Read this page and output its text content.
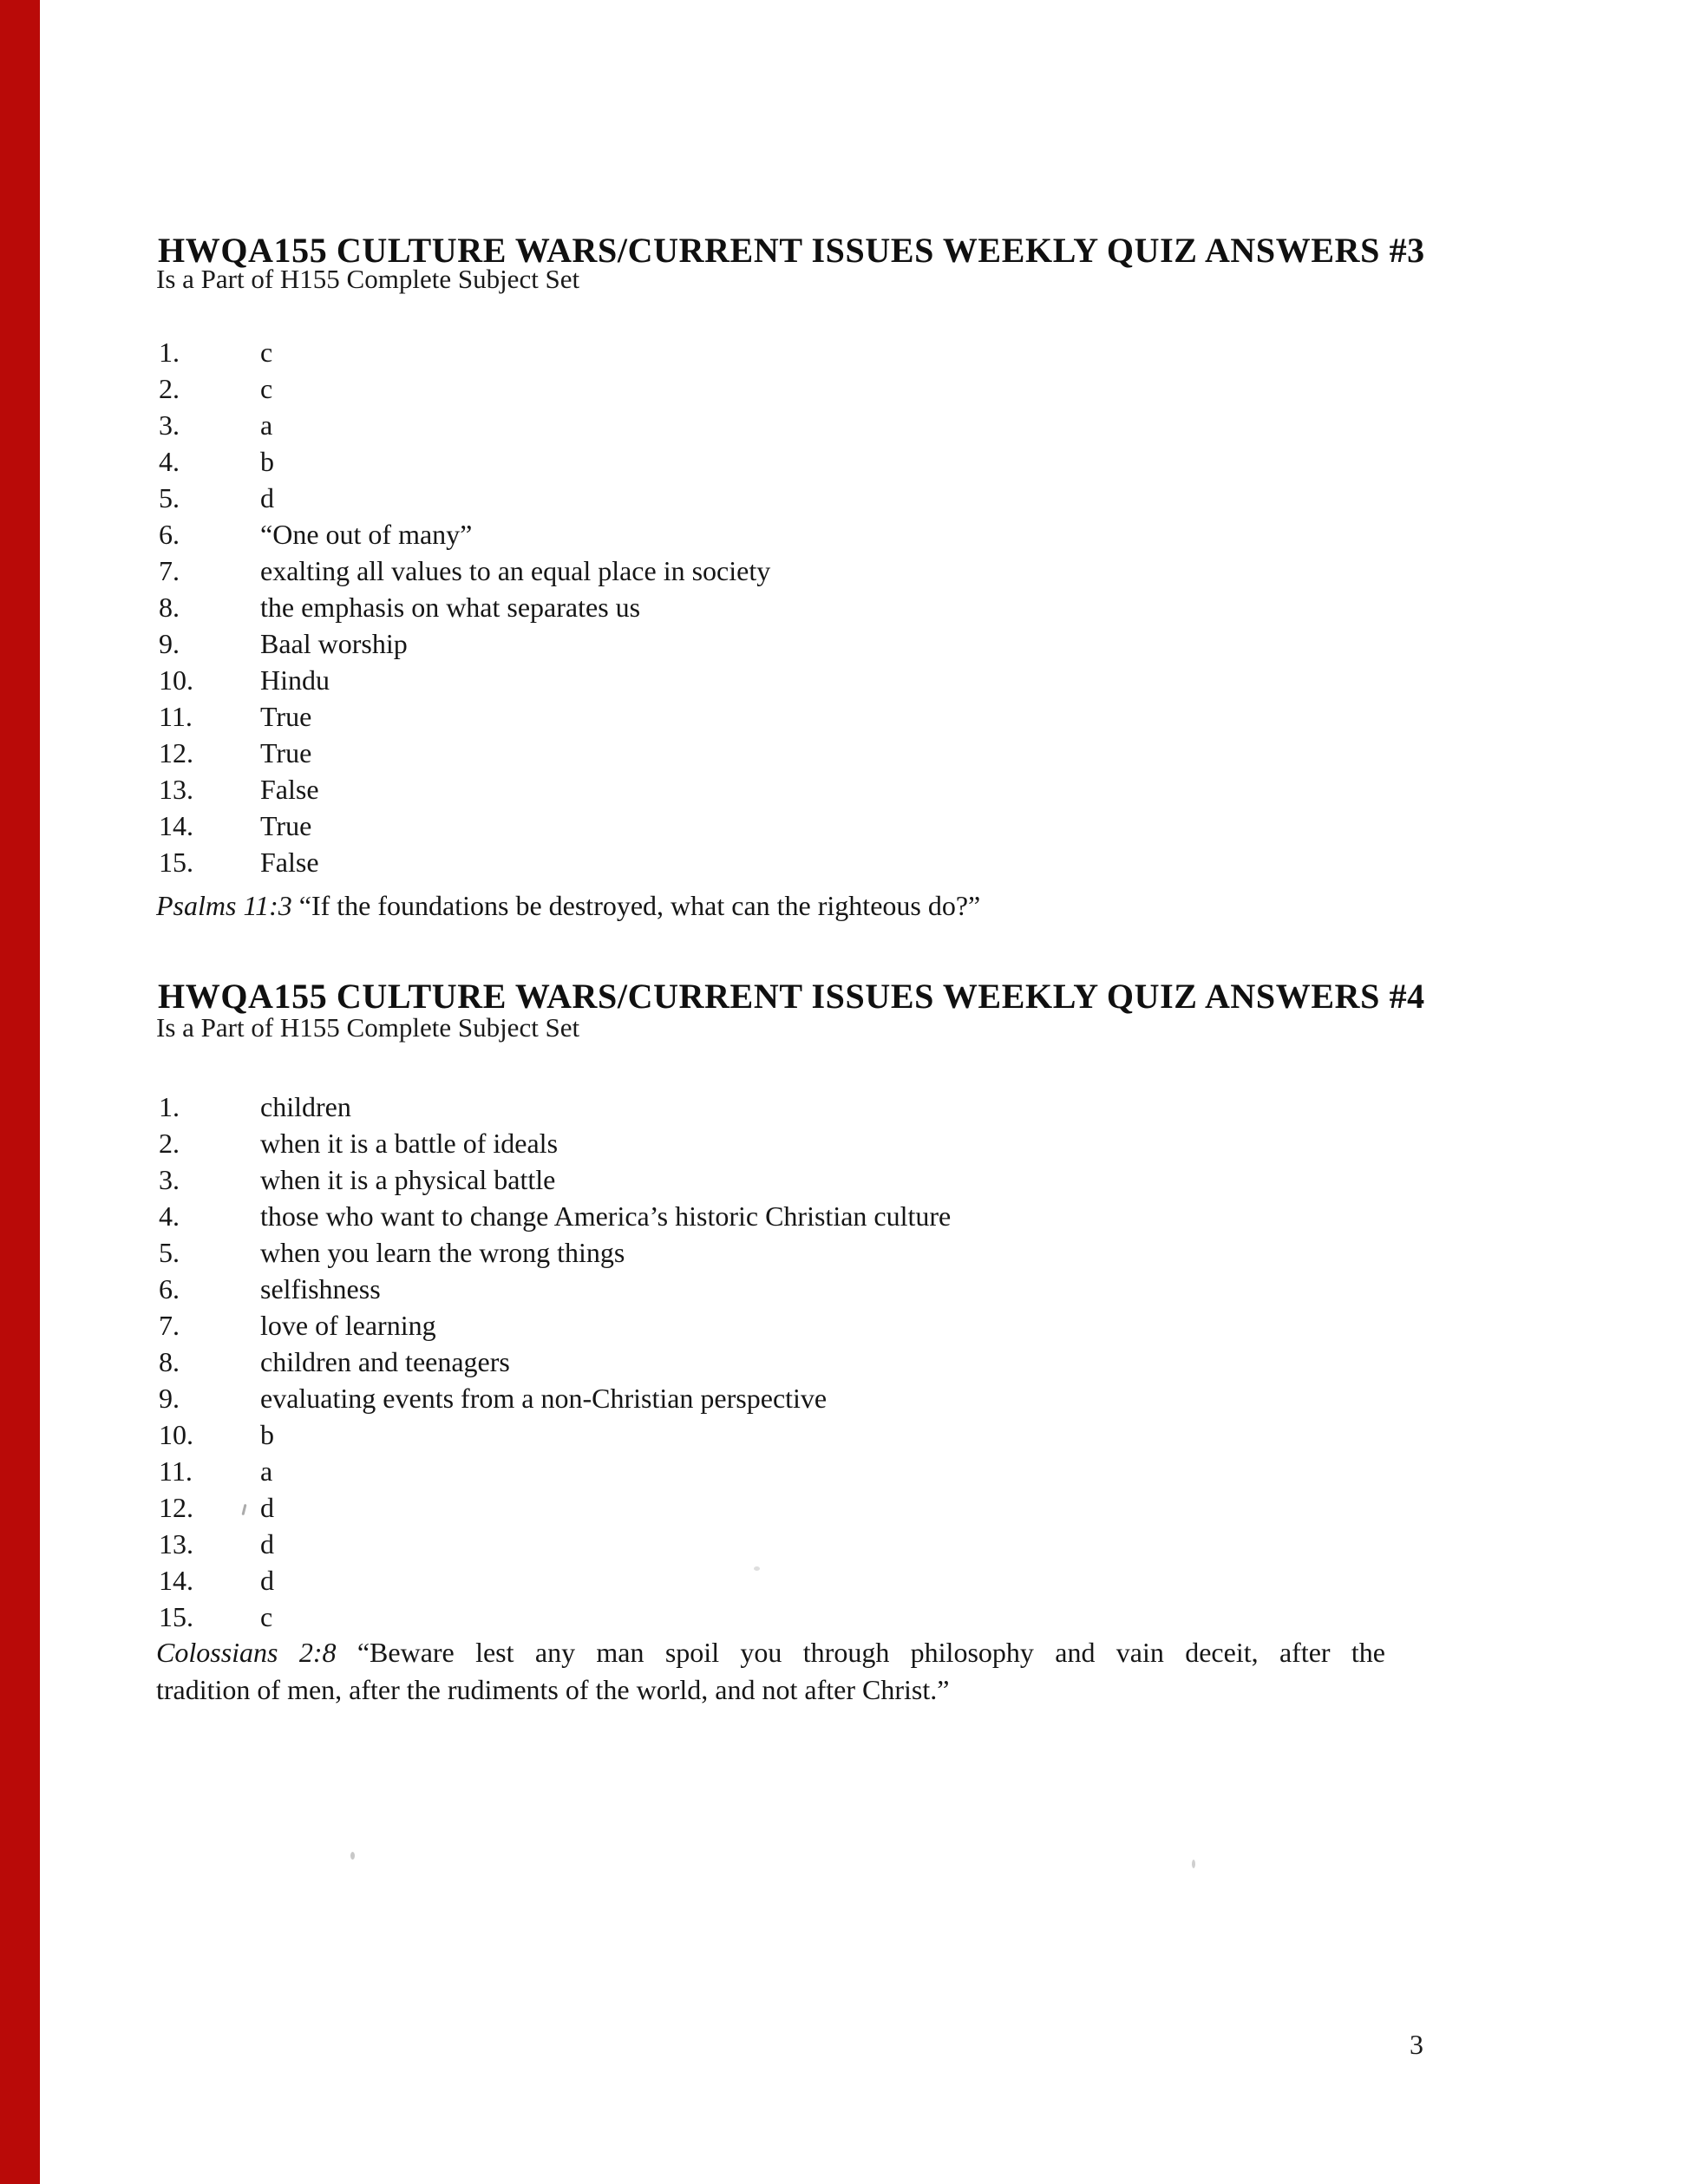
HWQA155 CULTURE WARS/CURRENT ISSUES WEEKLY QUIZ ANSWERS #3
Is a Part of H155 Complete Subject Set
1.	c
2.	c
3.	a
4.	b
5.	d
6.	“One out of many”
7.	exalting all values to an equal place in society
8.	the emphasis on what separates us
9.	Baal worship
10. Hindu
11. True
12. True
13. False
14. True
15. False
Psalms 11:3 “If the foundations be destroyed, what can the righteous do?”
HWQA155 CULTURE WARS/CURRENT ISSUES WEEKLY QUIZ ANSWERS #4
Is a Part of H155 Complete Subject Set
1.	children
2.	when it is a battle of ideals
3.	when it is a physical battle
4.	those who want to change America’s historic Christian culture
5.	when you learn the wrong things
6.	selfishness
7.	love of learning
8.	children and teenagers
9.	evaluating events from a non-Christian perspective
10. b
11. a
12. d
13. d
14. d
15. c
Colossians 2:8 “Beware lest any man spoil you through philosophy and vain deceit, after the
tradition of men, after the rudiments of the world, and not after Christ.”
3
